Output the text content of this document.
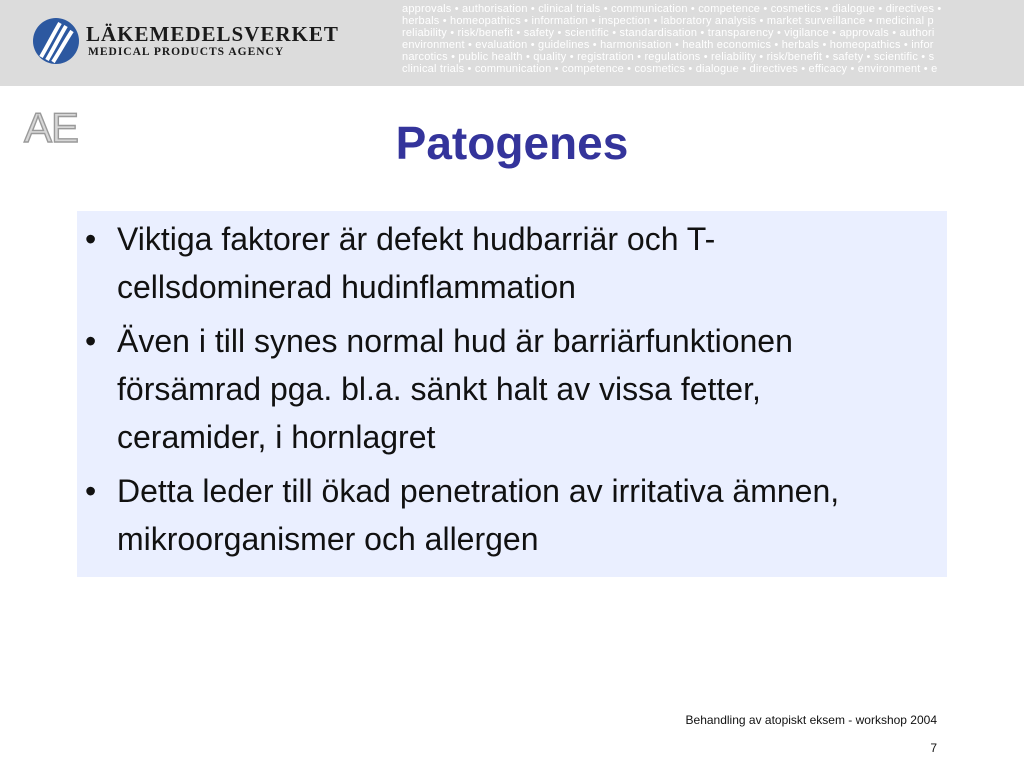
LÄKEMEDELSVERKET
MEDICAL PRODUCTS AGENCY
approvals • authorisation • clinical trials • communication • competence • cosmetics • dialogue • directives •
herbals • homeopathics • information • inspection • laboratory analysis • market surveillance • medicinal p
reliability • risk/benefit • safety • scientific • standardisation • transparency • vigilance • approvals • authori
environment • evaluation • guidelines • harmonisation • health economics • herbals • homeopathics • infor
narcotics • public health • quality • registration • regulations • reliability • risk/benefit • safety • scientific • s
clinical trials • communication • competence • cosmetics • dialogue • directives • efficacy • environment • e
AE	Patogenes
• Viktiga faktorer är defekt hudbarriär och T-cellsdominerad hudinflammation
• Även i till synes normal hud är barriärfunktionen försämrad pga. bl.a. sänkt halt av vissa fetter, ceramider, i hornlagret
• Detta leder till ökad penetration av irritativa ämnen, mikroorganismer och allergen
Behandling av atopiskt eksem - workshop 2004
7
